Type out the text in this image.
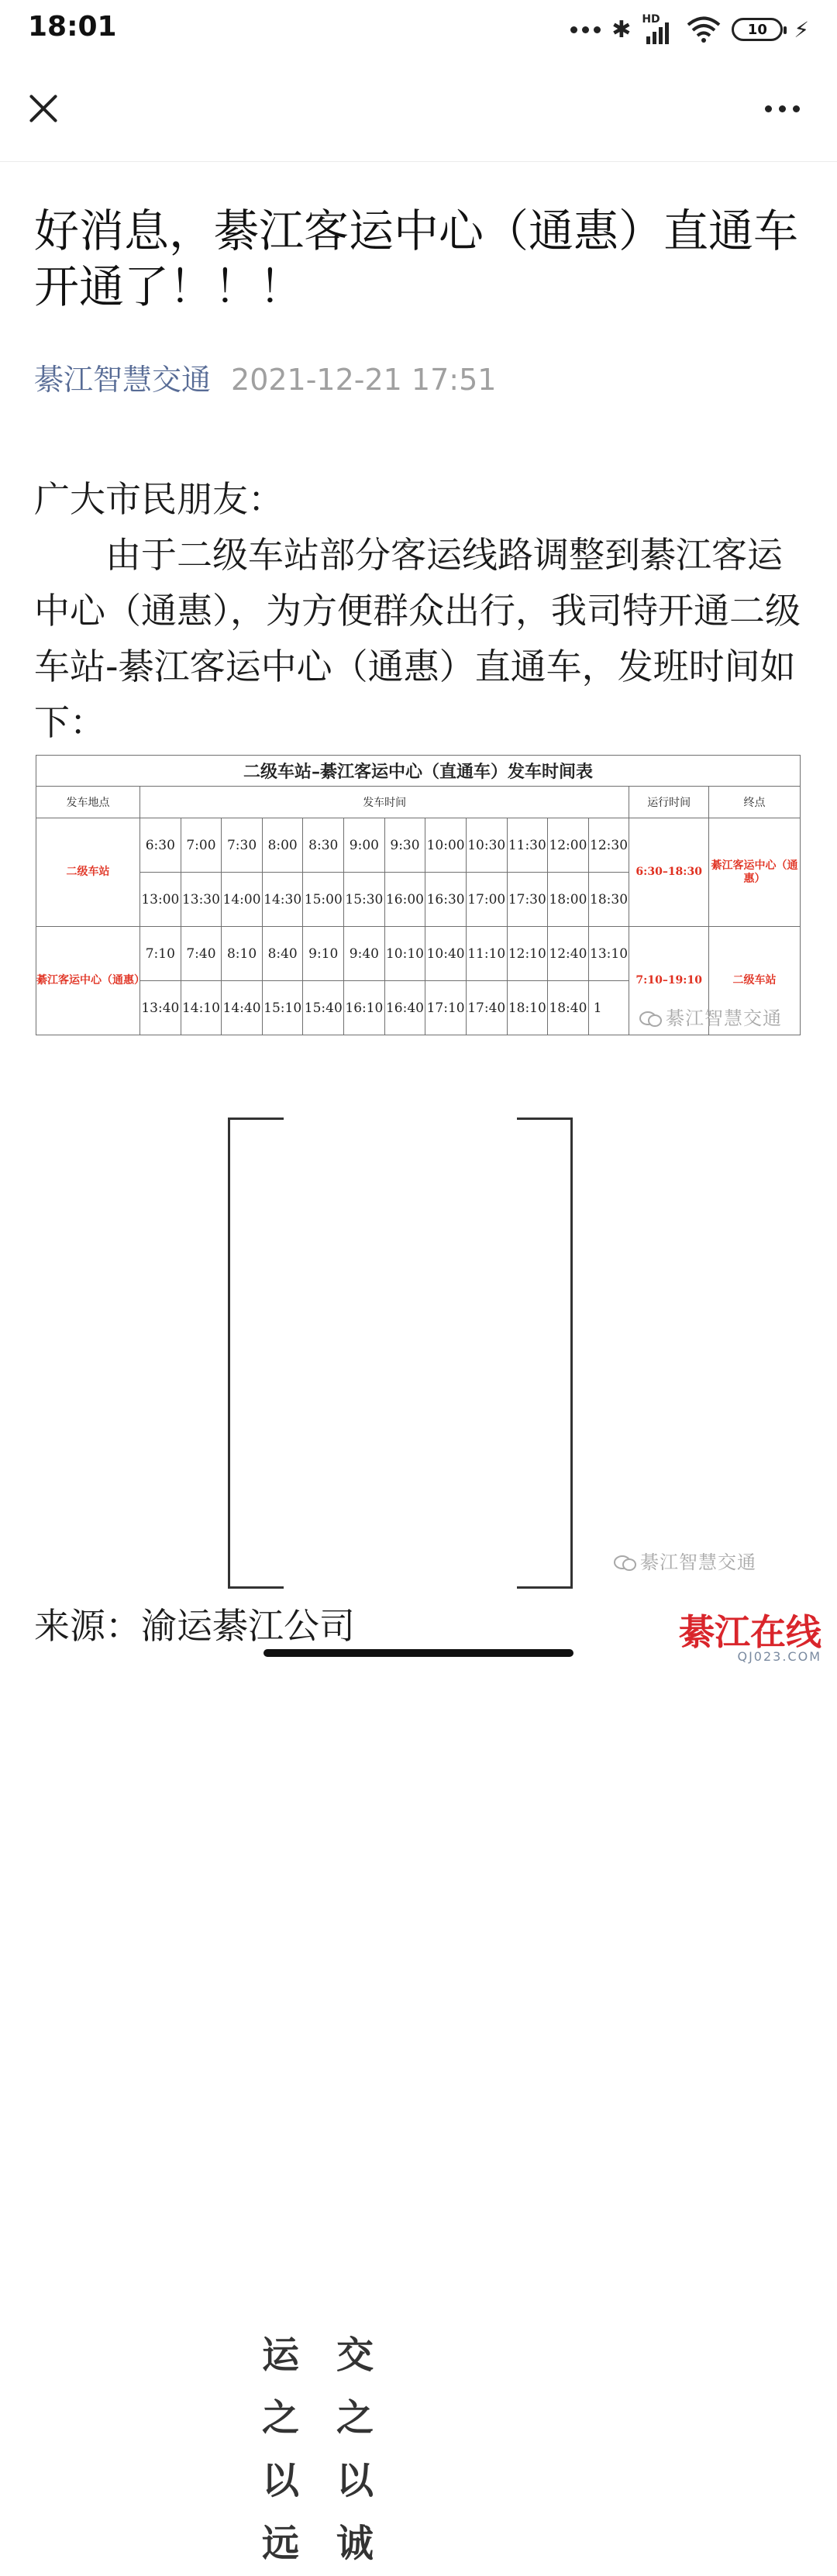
18:01	✱ HD
10 ⚡
好消息，綦江客运中心（通惠）直通车开通了！！！
綦江智慧交通 2021-12-21 17:51

广大市民朋友：

由于二级车站部分客运线路调整到綦江客运中心（通惠），为方便群众出行，我司特开通二级车站-綦江客运中心（通惠）直通车，发班时间如下：

二级车站–綦江客运中心（直通车）发车时间表														
发车地点	发车时间												运行时间	终点
二级车站	6:30	7:00	7:30	8:00	8:30	9:00	9:30	10:00	10:30	11:30	12:00	12:30	6:30–18:30	綦江客运中心（通惠）
	13:00	13:30	14:00	14:30	15:00	15:30	16:00	16:30	17:00	17:30	18:00	18:30		
綦江客运中心（通惠）	7:10	7:40	8:10	8:40	9:10	9:40	10:10	10:40	11:10	12:10	12:40	13:10	7:10–19:10	二级车站
	13:40	14:10	14:40	15:10	15:40	16:10	16:40	17:10	17:40	18:10	18:40	1			綦江智慧交通
运
之
以
远
交
之
以
诚
綦江智慧交通
来源：渝运綦江公司	綦江在线
QJ023.COM
